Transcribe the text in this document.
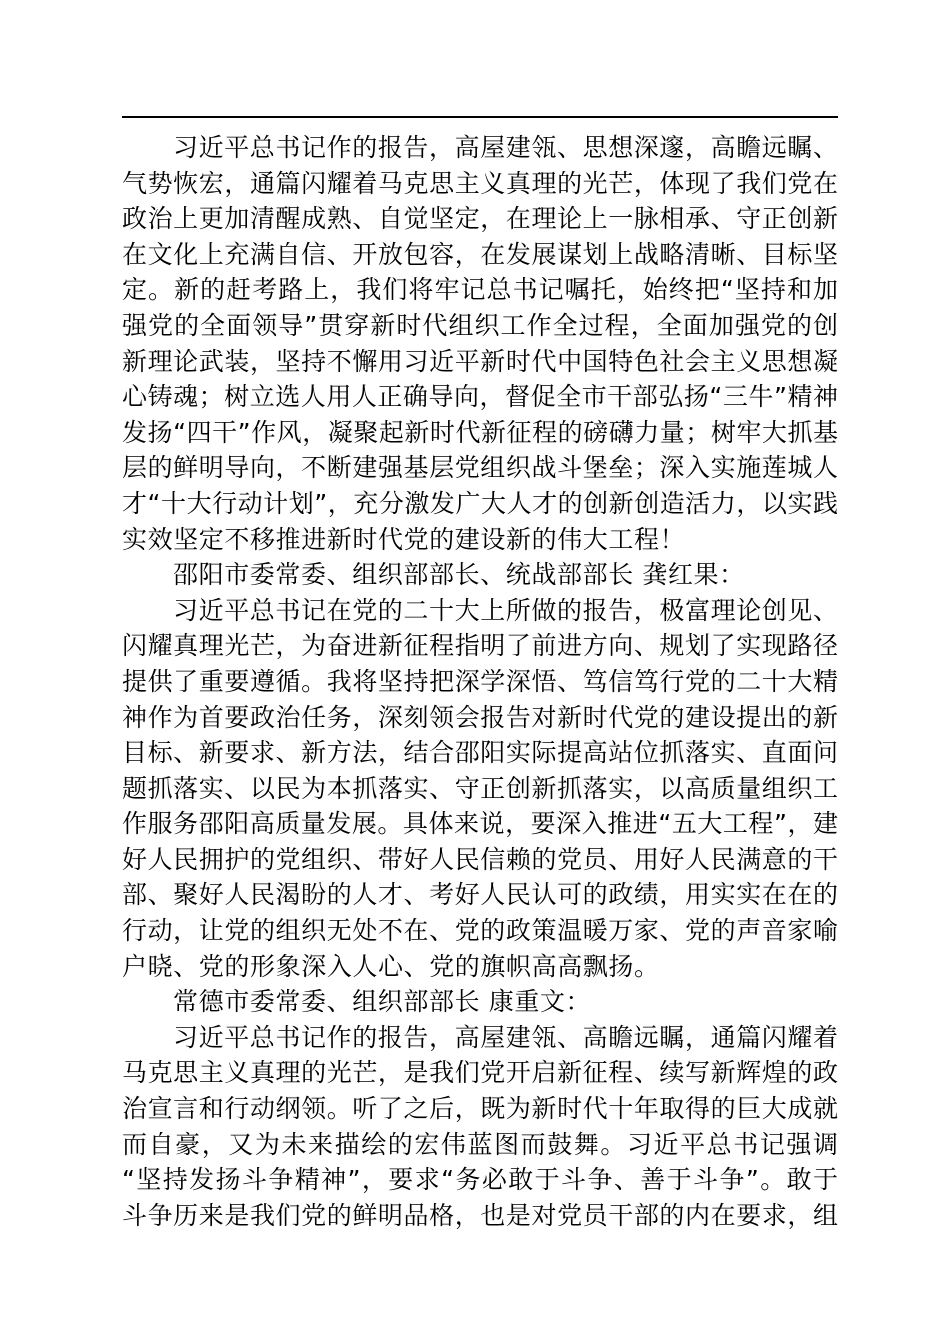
习近平总书记作的报告，高屋建瓴、思想深邃，高瞻远瞩、
气势恢宏，通篇闪耀着马克思主义真理的光芒，体现了我们党在
政治上更加清醒成熟、自觉坚定，在理论上一脉相承、守正创新
在文化上充满自信、开放包容，在发展谋划上战略清晰、目标坚
定。新的赶考路上，我们将牢记总书记嘱托，始终把“坚持和加
强党的全面领导”贯穿新时代组织工作全过程，全面加强党的创
新理论武装，坚持不懈用习近平新时代中国特色社会主义思想凝
心铸魂；树立选人用人正确导向，督促全市干部弘扬“三牛”精神
发扬“四干”作风，凝聚起新时代新征程的磅礴力量；树牢大抓基
层的鲜明导向，不断建强基层党组织战斗堡垒；深入实施莲城人
才“十大行动计划”，充分激发广大人才的创新创造活力，以实践
实效坚定不移推进新时代党的建设新的伟大工程！
邵阳市委常委、组织部部长、统战部部长 龚红果：
习近平总书记在党的二十大上所做的报告，极富理论创见、
闪耀真理光芒，为奋进新征程指明了前进方向、规划了实现路径
提供了重要遵循。我将坚持把深学深悟、笃信笃行党的二十大精
神作为首要政治任务，深刻领会报告对新时代党的建设提出的新
目标、新要求、新方法，结合邵阳实际提高站位抓落实、直面问
题抓落实、以民为本抓落实、守正创新抓落实，以高质量组织工
作服务邵阳高质量发展。具体来说，要深入推进“五大工程”，建
好人民拥护的党组织、带好人民信赖的党员、用好人民满意的干
部、聚好人民渴盼的人才、考好人民认可的政绩，用实实在在的
行动，让党的组织无处不在、党的政策温暖万家、党的声音家喻
户晓、党的形象深入人心、党的旗帜高高飘扬。
常德市委常委、组织部部长 康重文：
习近平总书记作的报告，高屋建瓴、高瞻远瞩，通篇闪耀着
马克思主义真理的光芒，是我们党开启新征程、续写新辉煌的政
治宣言和行动纲领。听了之后，既为新时代十年取得的巨大成就
而自豪，又为未来描绘的宏伟蓝图而鼓舞。习近平总书记强调
“坚持发扬斗争精神”，要求“务必敢于斗争、善于斗争”。敢于
斗争历来是我们党的鲜明品格，也是对党员干部的内在要求，组
